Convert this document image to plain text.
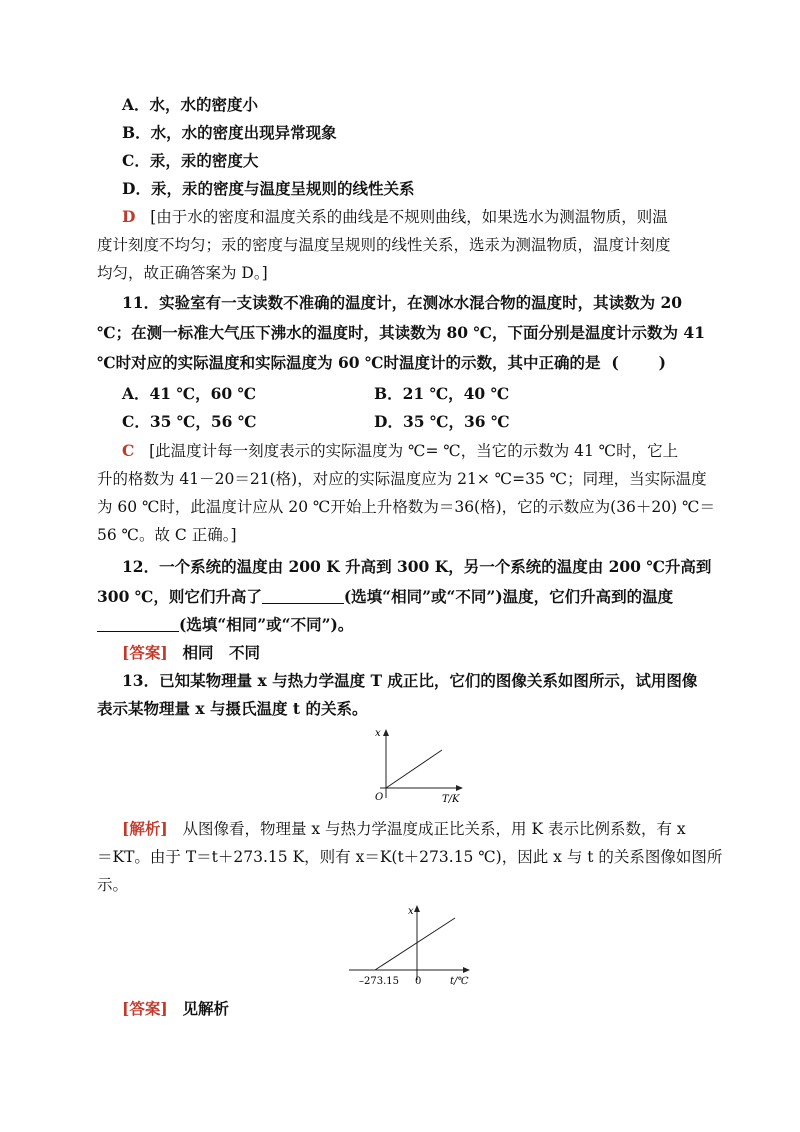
A．水，水的密度小
B．水，水的密度出现异常现象
C．汞，汞的密度大
D．汞，汞的密度与温度呈规则的线性关系
D [由于水的密度和温度关系的曲线是不规则曲线，如果选水为测温物质，则温
度计刻度不均匀；汞的密度与温度呈规则的线性关系，选汞为测温物质，温度计刻度
均匀，故正确答案为 D。]
11．实验室有一支读数不准确的温度计，在测冰水混合物的温度时，其读数为 20
℃；在测一标准大气压下沸水的温度时，其读数为 80 ℃，下面分别是温度计示数为 41
℃时对应的实际温度和实际温度为 60 ℃时温度计的示数，其中正确的是 (	)
A．41 ℃，60 ℃	B．21 ℃，40 ℃
C．35 ℃，56 ℃	D．35 ℃，36 ℃
C [此温度计每一刻度表示的实际温度为 ℃= ℃，当它的示数为 41 ℃时，它上
升的格数为 41－20＝21(格)，对应的实际温度应为 21× ℃=35 ℃；同理，当实际温度
为 60 ℃时，此温度计应从 20 ℃开始上升格数为＝36(格)，它的示数应为(36＋20) ℃＝
56 ℃。故 C 正确。]
12．一个系统的温度由 200 K 升高到 300 K，另一个系统的温度由 200 ℃升高到
300 ℃，则它们升高了	(选填“相同”或“不同”)温度，它们升高到的温度
(选填“相同”或“不同”)。
[答案] 相同　不同
13．已知某物理量 x 与热力学温度 T 成正比，它们的图像关系如图所示，试用图像
表示某物理量 x 与摄氏温度 t 的关系。
x
O	T/K
[解析] 从图像看，物理量 x 与热力学温度成正比关系，用 K 表示比例系数，有 x
＝KT。由于 T＝t＋273.15 K，则有 x＝K(t＋273.15 ℃)，因此 x 与 t 的关系图像如图所
示。
x
–273.15 0	t/℃
[答案] 见解析
